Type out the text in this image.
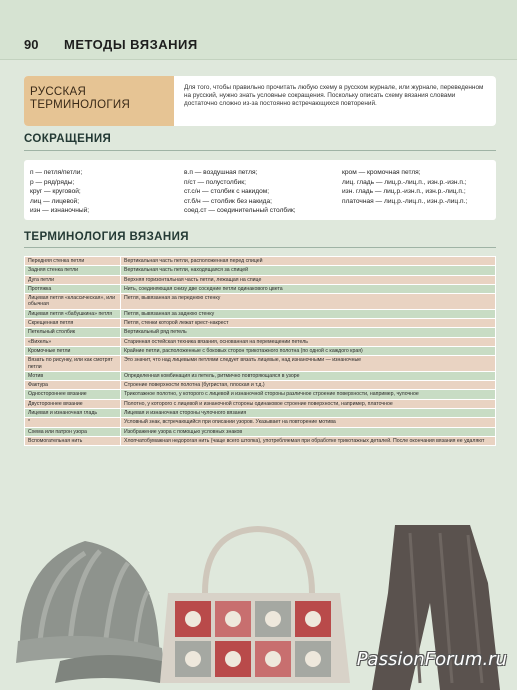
90 МЕТОДЫ ВЯЗАНИЯ
РУССКАЯ
ТЕРМИНОЛОГИЯ
Для того, чтобы правильно прочитать любую схему в русском журнале, или журнале, переведенном на русский, нужно знать условные сокращения. Поскольку описать схему вязания словами достаточно сложно из-за постоянно встречающихся повторений.
СОКРАЩЕНИЯ
п — петля/петли;
р — ряд/ряды;
круг — круговой;
лиц — лицевой;
изн — изнаночный;
в.п — воздушная петля;
п/ст — полустолбик;
ст.с/н — столбик с накидом;
ст.б/н — столбик без накида;
соед.ст — соединительный столбик;
кром — кромочная петля;
лиц. гладь — лиц.р.-лиц.п., изн.р.-изн.п.;
изн. гладь — лиц.р.-изн.п., изн.р.-лиц.п.;
платочная — лиц.р.-лиц.п., изн.р.-лиц.п.;
ТЕРМИНОЛОГИЯ ВЯЗАНИЯ
Передняя стенка петли	Вертикальная часть петли, расположенная перед спицей
Задняя стенка петли	Вертикальная часть петли, находящаяся за спицей
Дуга петли	Верхняя горизонтальная часть петли, лежащая на спице
Протяжка	Нить, соединяющая снизу две соседние петли одинакового цвета
Лицевая петля «классическая», или обычная	Петля, вывязанная за переднюю стенку
Лицевая петля «бабушкина» петля	Петля, вывязанная за заднюю стенку
Скрещенная петля	Петля, стенки которой лежат крест-накрест
Петельный столбик	Вертикальный ряд петель
«Вихель»	Старинная остейская техника вязания, основанная на перемещении петель
Кромочные петли	Крайние петли, расположенные с боковых сторон трикотажного полотна (по одной с каждого края)
Вязать по рисунку, или как смотрят петли	Это значит, что над лицевыми петлями следует вязать лицевые, над изнаночными — изнаночные
Мотив	Определенная комбинация из петель, ритмично повторяющаяся в узоре
Фактура	Строение поверхности полотна (бугристая, плоская и т.д.)
Одностороннее вязание	Трикотажное полотно, у которого с лицевой и изнаночной стороны различное строение поверхности, например, чулочное
Двустороннее вязание	Полотно, у которого с лицевой и изнаночной стороны одинаковое строение поверхности, например, платочное
Лицевая и изнаночная гладь	Лицевая и изнаночная стороны чулочного вязания
*	Условный знак, встречающийся при описании узоров. Указывает на повторение мотива
Схема или патрон узора	Изображение узора с помощью условных знаков
Вспомогательная нить	Хлопчатобумажная недорогая нить (чаще всего штопка), употребляемая при обработке трикотажных деталей. После окончания вязания ее удаляют
PassionForum.ru
